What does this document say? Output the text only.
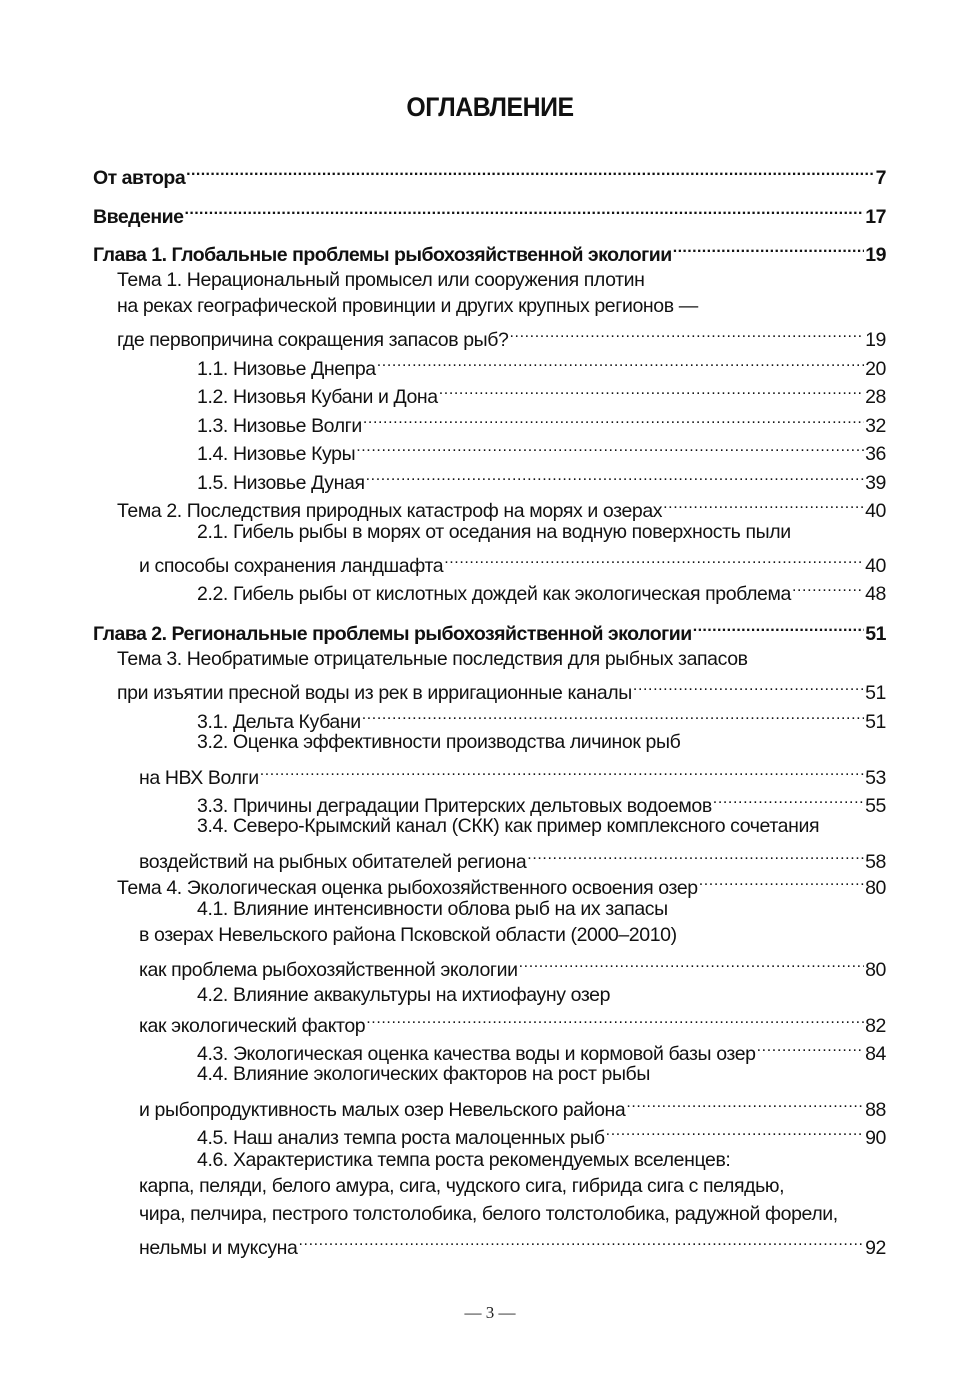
ОГЛАВЛЕНИЕ
От автора .....	7
Введение .....	17
Глава 1. Глобальные проблемы рыбохозяйственной экологии .....	19
Тема 1. Нерациональный промысел или сооружения плотин
на реках географической провинции и других крупных регионов —
где первопричина сокращения запасов рыб? .....	19
1.1. Низовье Днепра .....	20
1.2. Низовья Кубани и Дона .....	28
1.3. Низовье Волги .....	32
1.4. Низовье Куры .....	36
1.5. Низовье Дуная .....	39
Тема 2. Последствия природных катастроф на морях и озерах .....	40
2.1. Гибель рыбы в морях от оседания на водную поверхность пыли
и способы сохранения ландшафта .....	40
2.2. Гибель рыбы от кислотных дождей как экологическая проблема .....	48
Глава 2. Региональные проблемы рыбохозяйственной экологии .....	51
Тема 3. Необратимые отрицательные последствия для рыбных запасов
при изъятии пресной воды из рек в ирригационные каналы .....	51
3.1. Дельта Кубани .....	51
3.2. Оценка эффективности производства личинок рыб
на НВХ Волги .....	53
3.3. Причины деградации Притерских дельтовых водоемов .....	55
3.4. Северо-Крымский канал (СКК) как пример комплексного сочетания
воздействий на рыбных обитателей региона .....	58
Тема 4. Экологическая оценка рыбохозяйственного освоения озер .....	80
4.1. Влияние интенсивности облова рыб на их запасы
в озерах Невельского района Псковской области (2000–2010)
как проблема рыбохозяйственной экологии .....	80
4.2. Влияние аквакультуры на ихтиофауну озер
как экологический фактор .....	82
4.3. Экологическая оценка качества воды и кормовой базы озер .....	84
4.4. Влияние экологических факторов на рост рыбы
и рыбопродуктивность малых озер Невельского района .....	88
4.5. Наш анализ темпа роста малоценных рыб .....	90
4.6. Характеристика темпа роста рекомендуемых вселенцев:
карпа, пеляди, белого амура, сига, чудского сига, гибрида сига с пелядью,
чира, пелчира, пестрого толстолобика, белого толстолобика, радужной форели,
нельмы и муксуна .....	92
— 3 —
